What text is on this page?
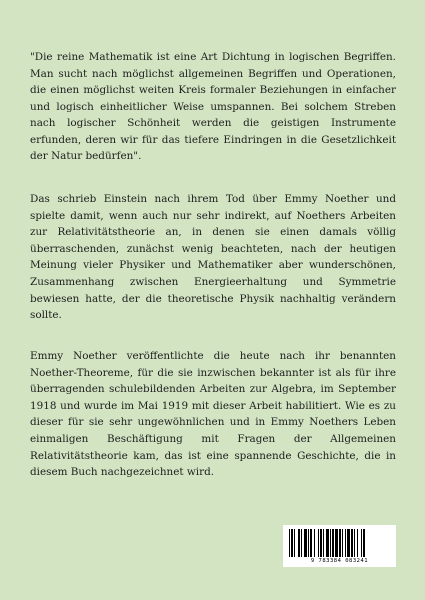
"Die reine Mathematik ist eine Art Dichtung in logischen Begriffen. Man sucht nach möglichst allgemeinen Begriffen und Operationen, die einen möglichst weiten Kreis formaler Beziehungen in einfacher und logisch einheitlicher Weise umspannen. Bei solchem Streben nach logischer Schönheit werden die geistigen Instrumente erfunden, deren wir für das tiefere Eindringen in die Gesetzlichkeit der Natur bedürfen".

Das schrieb Einstein nach ihrem Tod über Emmy Noether und spielte damit, wenn auch nur sehr indirekt, auf Noethers Arbeiten zur Relativitätstheorie an, in denen sie einen damals völlig überraschenden, zunächst wenig beachteten, nach der heutigen Meinung vieler Physiker und Mathematiker aber wunderschönen, Zusammenhang zwischen Energieerhaltung und Symmetrie bewiesen hatte, der die theoretische Physik nachhaltig verändern sollte.

Emmy Noether veröffentlichte die heute nach ihr benannten Noether-Theoreme, für die sie inzwischen bekannter ist als für ihre überragenden schulebildenden Arbeiten zur Algebra, im September 1918 und wurde im Mai 1919 mit dieser Arbeit habilitiert. Wie es zu dieser für sie sehr ungewöhnlichen und in Emmy Noethers Leben einmaligen Beschäftigung mit Fragen der Allgemeinen Relativitätstheorie kam, das ist eine spannende Geschichte, die in diesem Buch nachgezeichnet wird.

9 783384 083241
